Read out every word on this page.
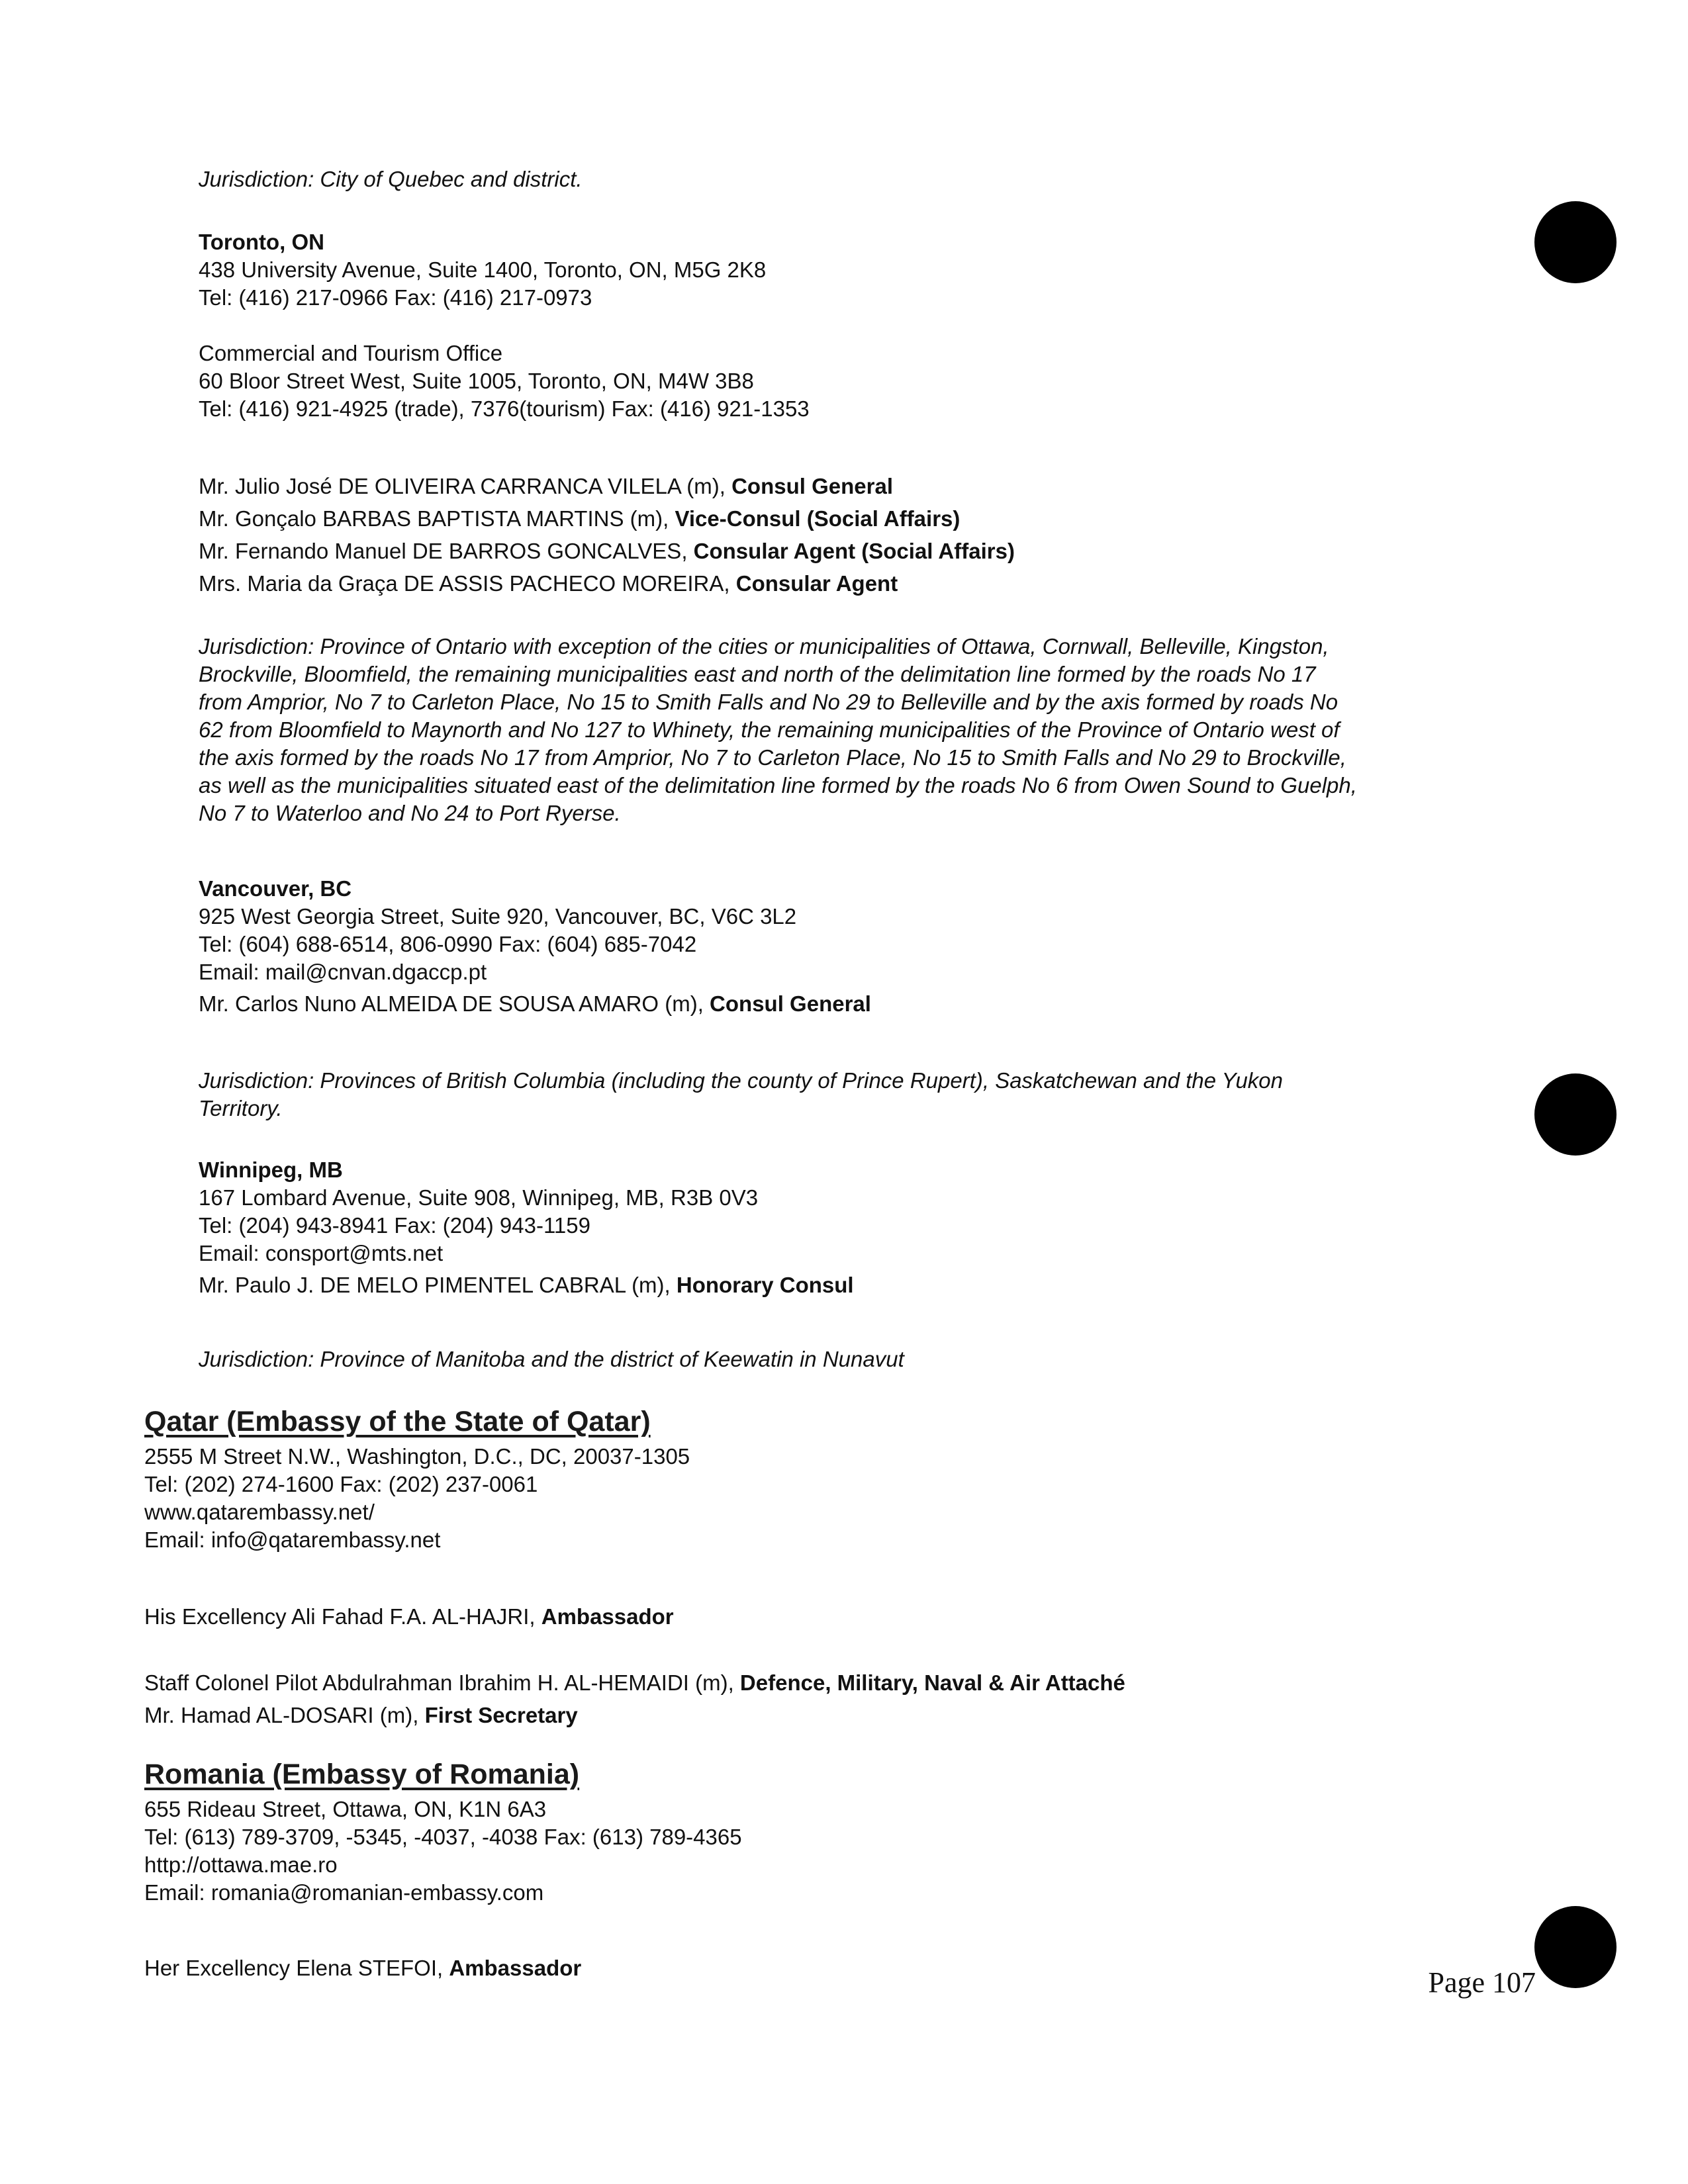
Jurisdiction: City of Quebec and district.
Toronto, ON
438 University Avenue, Suite 1400, Toronto, ON, M5G 2K8
Tel: (416) 217-0966 Fax: (416) 217-0973
Commercial and Tourism Office
60 Bloor Street West, Suite 1005, Toronto, ON, M4W 3B8
Tel: (416) 921-4925 (trade), 7376(tourism) Fax: (416) 921-1353
Mr. Julio José DE OLIVEIRA CARRANCA VILELA (m), Consul General
Mr. Gonçalo BARBAS BAPTISTA MARTINS (m), Vice-Consul (Social Affairs)
Mr. Fernando Manuel DE BARROS GONCALVES, Consular Agent (Social Affairs)
Mrs. Maria da Graça DE ASSIS PACHECO MOREIRA, Consular Agent
Jurisdiction: Province of Ontario with exception of the cities or municipalities of Ottawa, Cornwall, Belleville, Kingston,
Brockville, Bloomfield, the remaining municipalities east and north of the delimitation line formed by the roads No 17
from Amprior, No 7 to Carleton Place, No 15 to Smith Falls and No 29 to Belleville and by the axis formed by roads No
62 from Bloomfield to Maynorth and No 127 to Whinety, the remaining municipalities of the Province of Ontario west of
the axis formed by the roads No 17 from Amprior, No 7 to Carleton Place, No 15 to Smith Falls and No 29 to Brockville,
as well as the municipalities situated east of the delimitation line formed by the roads No 6 from Owen Sound to Guelph,
No 7 to Waterloo and No 24 to Port Ryerse.
Vancouver, BC
925 West Georgia Street, Suite 920, Vancouver, BC, V6C 3L2
Tel: (604) 688-6514, 806-0990 Fax: (604) 685-7042
Email: mail@cnvan.dgaccp.pt
Mr. Carlos Nuno ALMEIDA DE SOUSA AMARO (m), Consul General
Jurisdiction: Provinces of British Columbia (including the county of Prince Rupert), Saskatchewan and the Yukon
Territory.
Winnipeg, MB
167 Lombard Avenue, Suite 908, Winnipeg, MB, R3B 0V3
Tel: (204) 943-8941 Fax: (204) 943-1159
Email: consport@mts.net
Mr. Paulo J. DE MELO PIMENTEL CABRAL (m), Honorary Consul
Jurisdiction: Province of Manitoba and the district of Keewatin in Nunavut
Qatar (Embassy of the State of Qatar)
2555 M Street N.W., Washington, D.C., DC, 20037-1305
Tel: (202) 274-1600 Fax: (202) 237-0061
www.qatarembassy.net/
Email: info@qatarembassy.net
His Excellency Ali Fahad F.A. AL-HAJRI, Ambassador
Staff Colonel Pilot Abdulrahman Ibrahim H. AL-HEMAIDI (m), Defence, Military, Naval & Air Attaché
Mr. Hamad AL-DOSARI (m), First Secretary
Romania (Embassy of Romania)
655 Rideau Street, Ottawa, ON, K1N 6A3
Tel: (613) 789-3709, -5345, -4037, -4038 Fax: (613) 789-4365
http://ottawa.mae.ro
Email: romania@romanian-embassy.com
Her Excellency Elena STEFOI, Ambassador	Page 107
